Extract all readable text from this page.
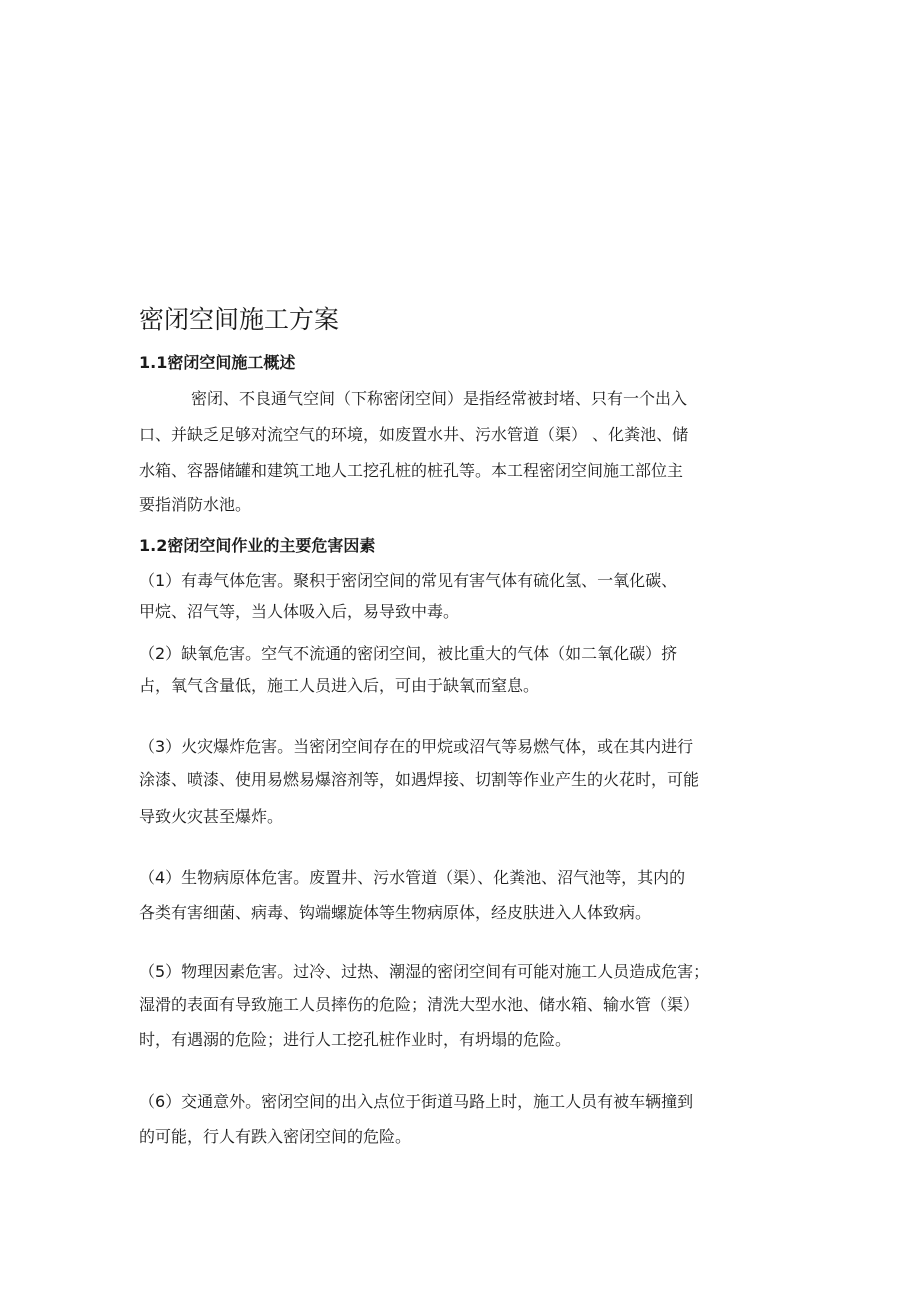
密闭空间施工方案
1.1密闭空间施工概述

密闭、不良通气空间（下称密闭空间）是指经常被封堵、只有一个出入

口、并缺乏足够对流空气的环境，如废置水井、污水管道（渠） 、化粪池、储

水箱、容器储罐和建筑工地人工挖孔桩的桩孔等。本工程密闭空间施工部位主

要指消防水池。

1.2密闭空间作业的主要危害因素

（1）有毒气体危害。聚积于密闭空间的常见有害气体有硫化氢、一氧化碳、

甲烷、沼气等，当人体吸入后，易导致中毒。

（2）缺氧危害。空气不流通的密闭空间，被比重大的气体（如二氧化碳）挤

占，氧气含量低，施工人员进入后，可由于缺氧而窒息。

（3）火灾爆炸危害。当密闭空间存在的甲烷或沼气等易燃气体，或在其内进行

涂漆、喷漆、使用易燃易爆溶剂等，如遇焊接、切割等作业产生的火花时，可能

导致火灾甚至爆炸。

（4）生物病原体危害。废置井、污水管道（渠）、化粪池、沼气池等，其内的

各类有害细菌、病毒、钩端螺旋体等生物病原体，经皮肤进入人体致病。

（5）物理因素危害。过冷、过热、潮湿的密闭空间有可能对施工人员造成危害；

湿滑的表面有导致施工人员摔伤的危险；清洗大型水池、储水箱、输水管（渠）

时，有遇溺的危险；进行人工挖孔桩作业时，有坍塌的危险。

（6）交通意外。密闭空间的出入点位于街道马路上时，施工人员有被车辆撞到

的可能，行人有跌入密闭空间的危险。
